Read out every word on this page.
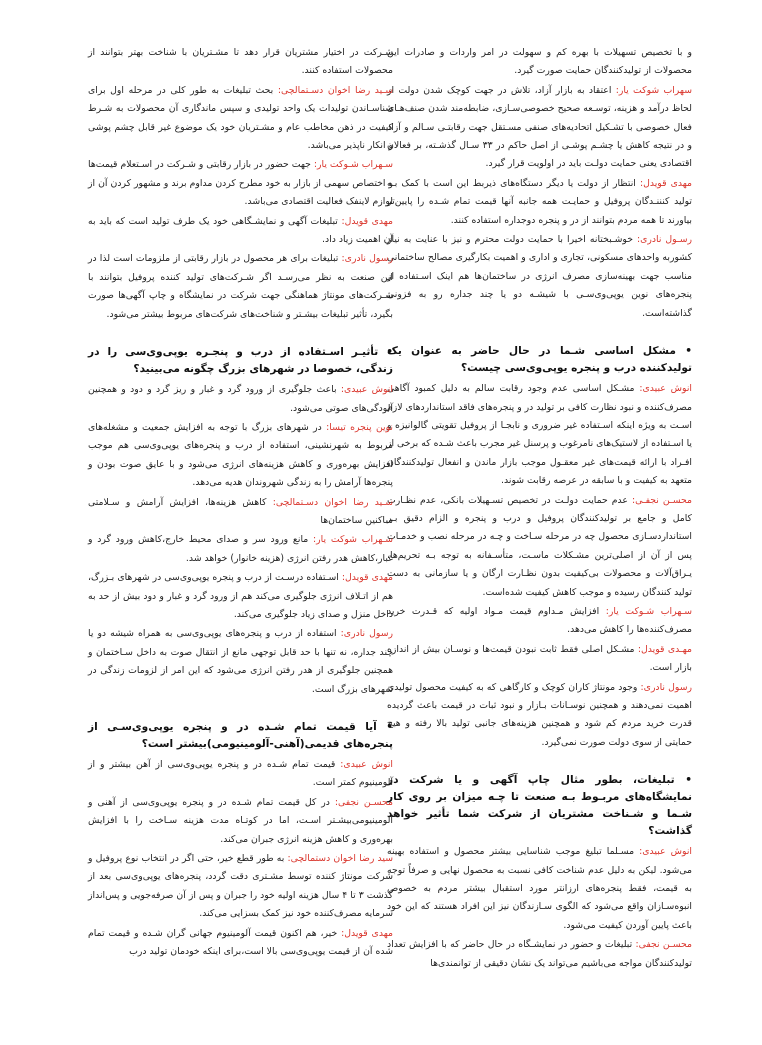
و با تخصیص تسهیلات با بهره کم و سهولت در امر واردات و صادرات این محصولات از تولیدکنندگان حمایت صورت گیرد.
سهراب شوکت یار: اعتقاد به بازار آزاد، تلاش در جهت کوچک شدن دولت از لحاظ درآمد و هزینه، توسـعه صحیح خصوصی‌سـازی، ضابطه‌مند شدن صنف‌هـای فعال خصوصی با تشـکیل اتحادیه‌های صنفی مسـتقل جهت رقابتـی سـالم و آزاد و در نتیجه کاهش یا چشـم پوشـی از اصل حاکم در ۳۳ سـال گذشـته، بر فعالان اقتصادی یعنی حمایت دولـت باید در اولویت قرار گیرد.
مهدی قویدل: انتظار از دولت یا دیگر دستگاه‌های ذیربط این است با کمک بـه تولید کنننـدگان پروفیل و حمایـت همه جانبه آنها قیمت تمام شـده را پایین‌تر بیاورند تا همه مردم بتوانند از در و پنجره دوجداره استفاده کنند.
رسـول نادری: خوشـبختانه اخیرا با حمایت دولت محترم و نیز با عنایت به نیاز کشوربه واحدهای مسکونی، تجاری و اداری و اهمیت بکارگیری مصالح ساختمانی مناسب جهت بهینه‌سازی مصرف انرژی در ساختمان‌ها هم اینک اسـتفاده از پنجره‌های نوین یوپی‌وی‌سـی با شیشـه دو یا چند جداره رو به فزونی گذاشته‌است.
• مشکل اساسی شـما در حال حاضر به عنوان یک تولیدکننده درب و پنجره یوپی‌وی‌سی چیست؟
انوش عبیدی: مشـکل اساسی عدم وجود رقابت سالم به دلیل کمبود آگاهی مصرف‌کننده و نبود نظارت کافی بر تولید در و پنجره‌های فاقد استانداردهای لازم اسـت به ویژه اینکه اسـتفاده غیر ضروری و نابجـا از پروفیل تقویتی گالوانیزه و یا اسـتفاده از لاستیک‌های نامرغوب و پرسنل غیر مجرب باعث شـده که برخی از افـراد با ارائه قیمت‌های غیر معقـول موجب بازار ماندن و انفعال تولیدکنندگان متعهد به کیفیت و با سابقه در عرصه رقابت شوند.
محسـن نجفـی: عدم حمایت دولـت در تخصیص تسـهیلات بانکی، عدم نظـارت کامل و جامع بر تولیدکنندگان پروفیل و درب و پنجره و الزام دقیق بـر استانداردسـازی محصول چه در مرحله سـاخت و چـه در مرحله نصب و خدمـات پس از آن از اصلی‌ترین مشـکلات ماسـت، متأسـفانه به توجه بـه تحریم‌ها، یـراق‌آلات و محصولات بی‌کیفیت بدون نظـارت ارگان و یا سازمانی به دست تولید کنندگان رسیده و موجب کاهش کیفیت شده‌است.
سـهراب شـوکت یار: افزایش مـداوم قیمت مـواد اولیه که قـدرت خرید مصرف‌کننده‌ها را کاهش می‌دهد.
مهـدی قویدل: مشـکل اصلی فقط ثابت نبودن قیمت‌ها و نوسـان بیش از اندازه بازار است.
رسول نادری: وجود مونتاژ کاران کوچک و کارگاهی که به کیفیت محصول تولیدی اهمیت نمی‌دهند و همچنین نوسـانات بـازار و نبود ثبات در قیمت باعث گردیده قدرت خرید مردم کم شود و همچنین هزینه‌های جانبی تولید بالا رفته و هیچ حمایتی از سوی دولت صورت نمی‌گیرد.
• تبلیغات، بطور مثال چاپ آگهی و یا شرکت در نمایشگاه‌های مربـوط بـه صنعت تا چـه میزان بر روی کار شـما و شـناخت مشتریان از شرکت شما تأثیر خواهد گذاشت؟
انوش عبیدی: مسـلما تبلیغ موجب شناسایی بیشتر محصول و استفاده بهینه می‌شود. لیکن به دلیل عدم شناخت کافی نسبت به محصول نهایی و صرفاً توجه به قیمت، فقط پنجره‌های ارزانتر مورد استقبال بیشتر مردم به خصوص انبوه‌سـازان واقع می‌شود که الگوی سـازندگان نیز این افراد هستند که این خود باعث پایین آوردن کیفیت می‌شود.
محسـن نجفی: تبلیغات و حضور در نمایشـگاه در حال حاضر که با افزایش تعداد تولیدکنندگان مواجه می‌باشیم می‌تواند یک نشان دقیقی از توانمندی‌ها
شـرکت در اختیار مشتریان قرار دهد تا مشـتریان با شناخت بهتر بتوانند از محصولات استفاده کنند.
سـید رضا اخوان دسـتمالچی: بحث تبلیغات به طور کلی در مرحله اول برای شناسـاندن تولیدات یک واحد تولیدی و سپس ماندگاری آن محصولات به شـرط کیفیت در ذهن مخاطب عام و مشـتریان خود یک موضوع غیر قابل چشم پوشی و انکار ناپذیر می‌باشد.
سـهراب شـوکت یار: جهت حضور در بازار رقابتی و شـرکت در اسـتعلام قیمت‌ها و اختصاص سهمی از بازار به خود مطرح کردن مداوم برند و مشهور کردن آن از لوازم لاینفک فعالیت اقتصادی می‌باشد.
مهدی قویدل: تبلیغات آگهی و نمایشـگاهی خود یک طرف تولید است که باید به آن اهمیت زیاد داد.
رسول نادری: تبلیغات برای هر محصول در بازار رقابتی از ملزومات است لذا در این صنعت به نظر می‌رسـد اگر شـرکت‌های تولید کننده پروفیل بتوانند با شـرکت‌های مونتاژ هماهنگی جهت شرکت در نمایشگاه و چاپ آگهی‌ها صورت بگیرد، تأثیر تبلیغات بیشـتر و شناخت‌های شرکت‌های مربوط بیشتر می‌شود.
• تأثیـر اسـتفاده از درب و پنجـره یوپی‌وی‌سی را در زندگی، خصوصا در شهرهای بزرگ چگونه می‌بینید؟
انوش عبیدی: باعث جلوگیری از ورود گرد و غبار و ریز گرد و دود و همچنین آلودگی‌های صوتی می‌شود.
نوین پنجره تیسا: در شهرهای بزرگ با توجه به افزایش جمعیت و مشغله‌های مربوط به شهرنشینی، استفاده از درب و پنجره‌های یوپی‌وی‌سی هم موجب افزایش بهره‌وری و کاهش هزینه‌های انرژی می‌شود و با عایق صوت بودن و پنجره‌ها آرامش را به زندگی شهروندان هدیه می‌دهد.
سـید رضا اخوان دسـتمالچی: کاهش هزینه‌ها، افزایش آرامش و سـلامتی ساکنین ساختمان‌ها
سـهراب شوکت یار: مانع ورود سر و صدای محیط خارج،کاهش ورود گرد و غبار،کاهش هدر رفتن انرژی (هزینه خانوار) خواهد شد.
مهدی قویدل: اسـتفاده درسـت از درب و پنجره یوپی‌وی‌سی در شهرهای بـزرگ، هم از اتـلاف انرژی جلوگیری می‌کند هم از ورود گرد و غبار و دود بیش از حد به داخل منزل و صدای زیاد جلوگیری می‌کند.
رسول نادری: استفاده از درب و پنجره‌های یوپی‌وی‌سی به همراه شیشه دو یا چند جداره، نه تنها با حد قابل توجهی مانع از انتقال صوت به داخل سـاختمان و همچنین جلوگیری از هدر رفتن انرژی می‌شود که این امر از لزومات زندگی در شهرهای بزرگ است.
• آیا قیمت تمام شـده در و پنجره یوپی‌وی‌سـی از پنجره‌های قدیمی(آهنی-آلومینیومی)بیشتر است؟
انوش عبیدی: قیمت تمام شـده در و پنجره یوپی‌وی‌سی از آهن بیشتر و از آلومینیوم کمتر است.
محسـن نجفی: در کل قیمت تمام شـده در و پنجره یوپی‌وی‌سی از آهنی و آلومینیومی‌بیشـتر اسـت، اما در کوتـاه مدت هزینه سـاخت را با افزایش بهره‌وری و کاهش هزینه انرژی جبران می‌کند.
سید رضا اخوان دستمالچی: به طور قطع خیر، حتی اگر در انتخاب نوع پروفیل و شرکت مونتاژ کننده توسط مشـتری دقت گردد، پنجره‌های یوپی‌وی‌سی بعد از گذشت ۳ تا ۴ سال هزینه اولیه خود را جبران و پس از آن صرفه‌جویی و پس‌انداز سرمایه مصرف‌کننده خود نیز کمک بسزایی می‌کند.
مهدی قویدل: خیر، هم اکنون قیمت آلومینیوم جهانی گران شـده و قیمت تمام شده آن از قیمت یوپی‌وی‌سی بالا است،برای اینکه خودمان تولید درب
